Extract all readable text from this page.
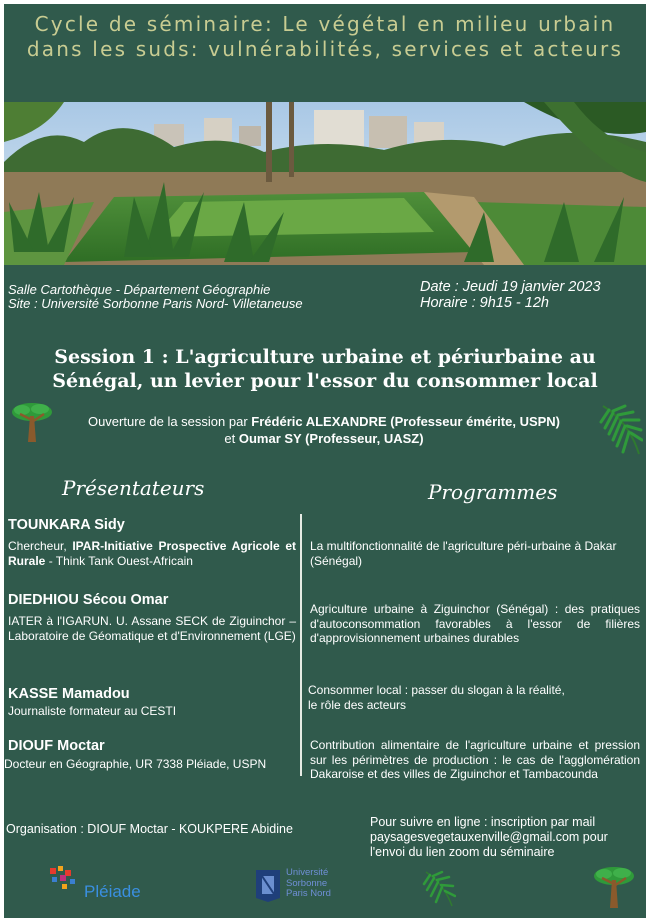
Cycle de séminaire: Le végétal en milieu urbain dans les suds: vulnérabilités, services et acteurs
Salle Cartothèque - Département Géographie
Site : Université Sorbonne Paris Nord- Villetaneuse
Date : Jeudi 19 janvier 2023
Horaire : 9h15 - 12h
Session 1 : L'agriculture urbaine et périurbaine au
Sénégal, un levier pour l'essor du consommer local
Ouverture de la session par Frédéric ALEXANDRE (Professeur émérite, USPN)
et Oumar SY (Professeur, UASZ)
Présentateurs	Programmes
TOUNKARA Sidy
Chercheur, IPAR-Initiative Prospective Agricole et Rurale - Think Tank Ouest-Africain
DIEDHIOU Sécou Omar
IATER à l'IGARUN. U. Assane SECK de Ziguinchor – Laboratoire de Géomatique et d'Environnement (LGE)
KASSE Mamadou
Journaliste formateur au CESTI
DIOUF Moctar
Docteur en Géographie, UR 7338 Pléiade, USPN
La multifonctionnalité de l'agriculture péri-urbaine à Dakar (Sénégal)
Agriculture urbaine à Ziguinchor (Sénégal) : des pratiques d'autoconsommation favorables à l'essor de filières d'approvisionnement urbaines durables
Consommer local : passer du slogan à la réalité,
le rôle des acteurs
Contribution alimentaire de l'agriculture urbaine et pression sur les périmètres de production : le cas de l'agglomération Dakaroise et des villes de Ziguinchor et Tambacounda
Organisation : DIOUF Moctar - KOUKPERE Abidine	Pour suivre en ligne : inscription par mail
paysagesvegetauxenville@gmail.com pour
l'envoi du lien zoom du séminaire
Pléiade
Université
Sorbonne
Paris Nord
